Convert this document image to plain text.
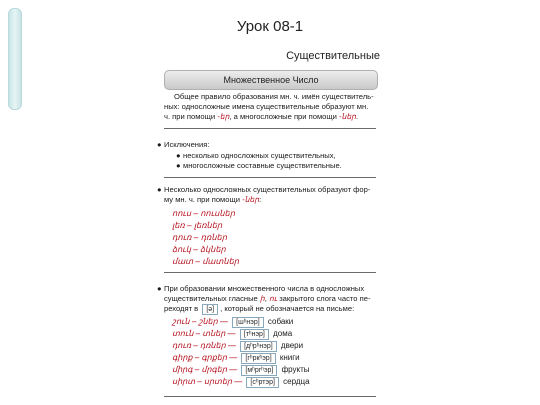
Урок 08-1
Существительные
Множественное Число
Общее правило образования мн. ч. имён существитель-
ных: односложные имена существительные образуют мн.
ч. при помощи -եր, а многосложные при помощи -ներ.
● Исключения:
● несколько односложных существительных,
● многосложные составные существительные.
● Несколько односложных существительных образуют фор-
му мн. ч. при помощи -ներ:
ոուս – ոուսներ
լեռ – լեռներ
դուռ – դռներ
ձուկ – ձկներ
մատ – մատներ
● При образовании множественного числа в односложных
существительных гласные ի, ու закрытого слога часто пе-
реходят в [ə] , который не обозначается на письме:
շուն – շներ — [шʰнэр] собаки
տուն – տներ — [тʰнэр] дома
դուռ – դռներ — [дʰрʰнэр] двери
գիրք – գրքեր — [гʰркʰэр] книги
միրգ – մրգեր — [мʰргʰэр] фрукты
սիրտ – սրտեր — [сʰртэр] сердца
